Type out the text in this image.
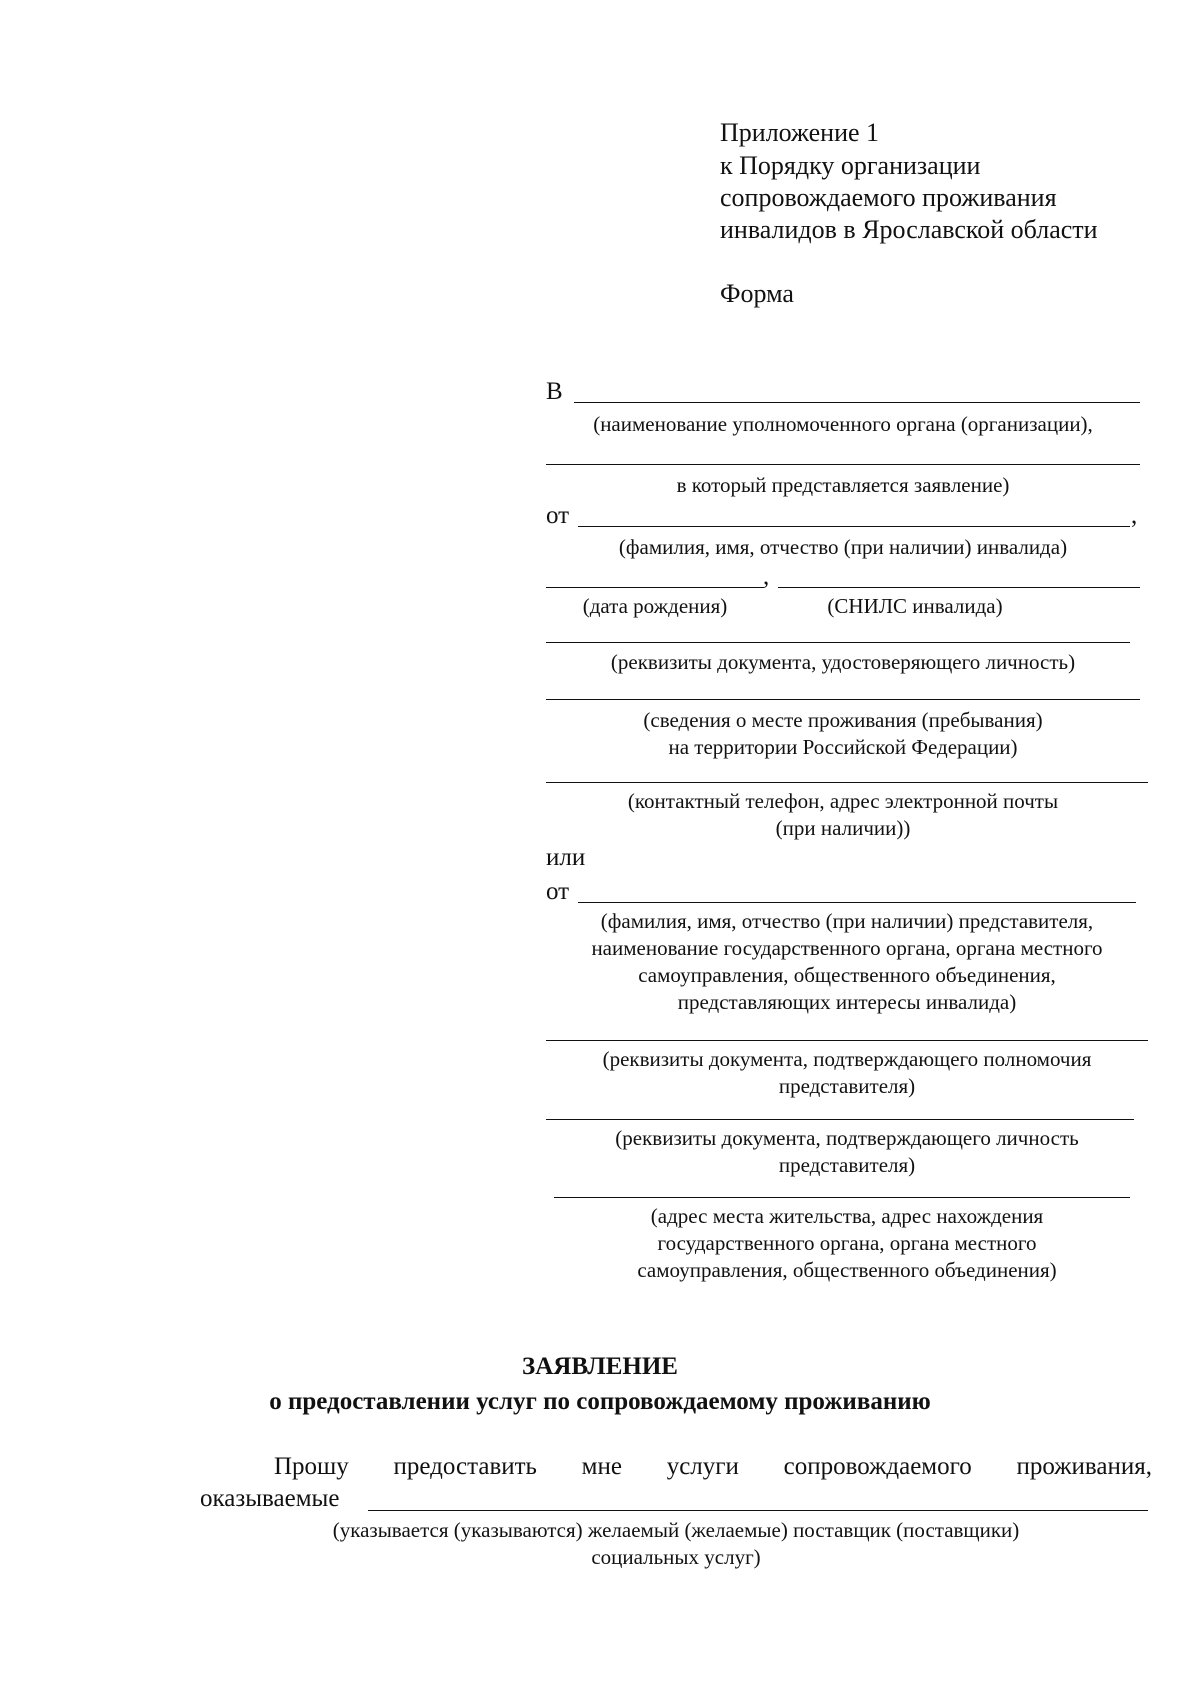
Приложение 1
к Порядку организации
сопровождаемого проживания
инвалидов в Ярославской области
Форма
В
(наименование уполномоченного органа (организации),
в который представляется заявление)
от	,
(фамилия, имя, отчество (при наличии) инвалида)
,
(дата рождения)	(СНИЛС инвалида)
(реквизиты документа, удостоверяющего личность)
(сведения о месте проживания (пребывания)
на территории Российской Федерации)
(контактный телефон, адрес электронной почты
(при наличии))
или
от
(фамилия, имя, отчество (при наличии) представителя,
наименование государственного органа, органа местного
самоуправления, общественного объединения,
представляющих интересы инвалида)
(реквизиты документа, подтверждающего полномочия
представителя)
(реквизиты документа, подтверждающего личность
представителя)
(адрес места жительства, адрес нахождения
государственного органа, органа местного
самоуправления, общественного объединения)
ЗАЯВЛЕНИЕ
о предоставлении услуг по сопровождаемому проживанию
Прошу предоставить мне услуги сопровождаемого проживания,
оказываемые
(указывается (указываются) желаемый (желаемые) поставщик (поставщики)
социальных услуг)
